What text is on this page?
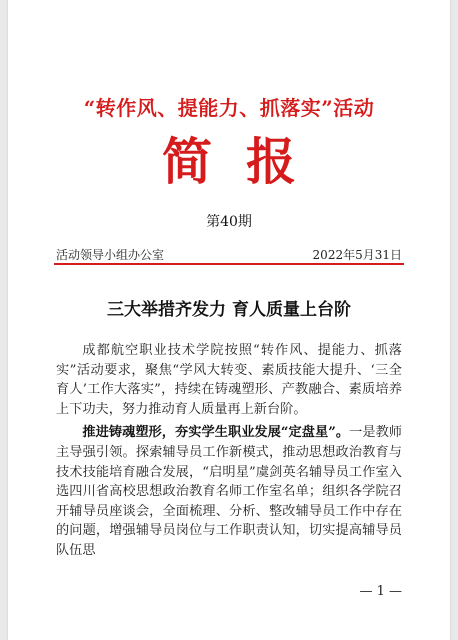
“转作风、提能力、抓落实”活动
简报
第40期
活动领导小组办公室	2022年5月31日
三大举措齐发力 育人质量上台阶

成都航空职业技术学院按照“转作风、提能力、抓落实”活动要求，聚焦“学风大转变、素质技能大提升、‘三全育人’工作大落实”，持续在铸魂塑形、产教融合、素质培养上下功夫，努力推动育人质量再上新台阶。

推进铸魂塑形，夯实学生职业发展“定盘星”。一是教师主导强引领。探索辅导员工作新模式，推动思想政治教育与技术技能培育融合发展，“启明星”虞剑英名辅导员工作室入选四川省高校思想政治教育名师工作室名单；组织各学院召开辅导员座谈会，全面梳理、分析、整改辅导员工作中存在的问题，增强辅导员岗位与工作职责认知，切实提高辅导员队伍思

— 1 —
